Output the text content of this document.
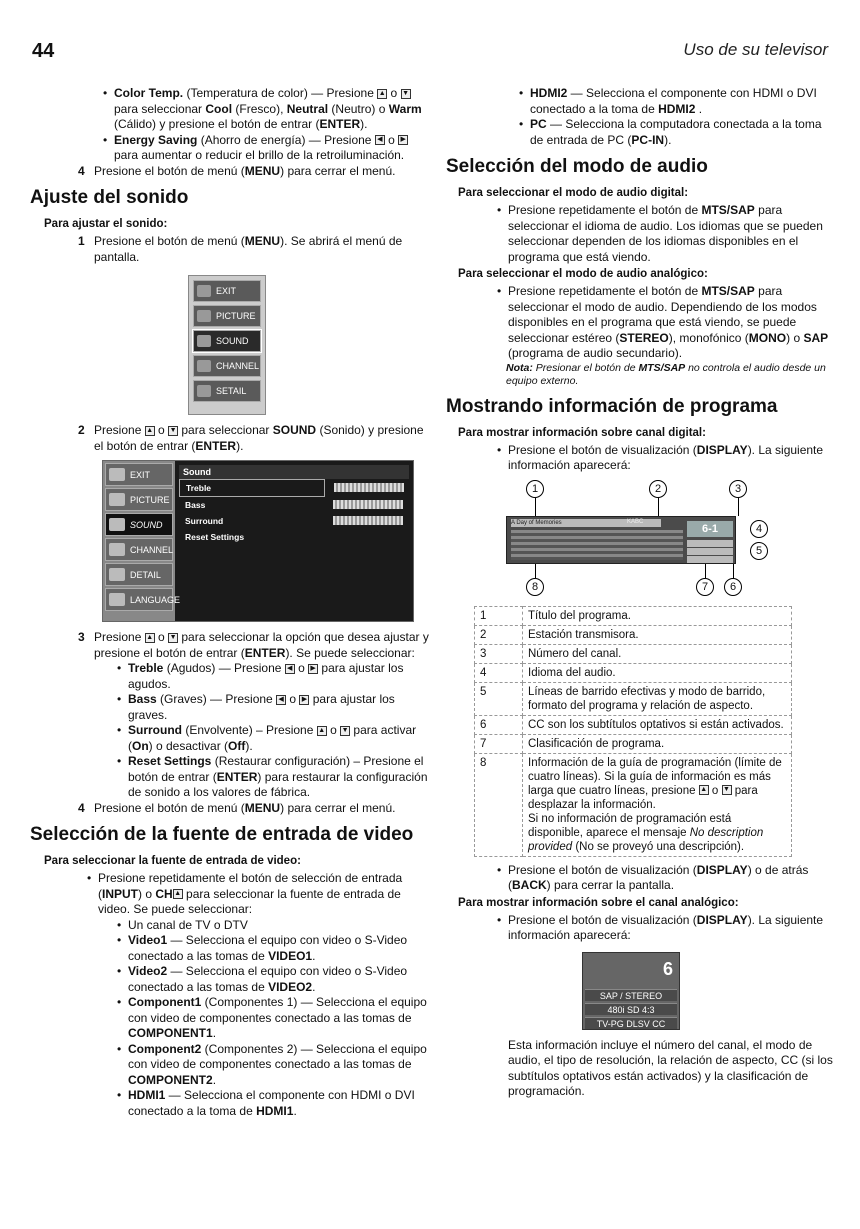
44	Uso de su televisor
• Color Temp. (Temperatura de color) — Presione ▲ o ▼ para seleccionar Cool (Fresco), Neutral (Neutro) o Warm (Cálido) y presione el botón de entrar (ENTER).
• Energy Saving (Ahorro de energía) — Presione ◀ o ▶ para aumentar o reducir el brillo de la retroiluminación.

4 Presione el botón de menú (MENU) para cerrar el menú.

Ajuste del sonido
Para ajustar el sonido:

1 Presione el botón de menú (MENU). Se abrirá el menú de pantalla.

EXIT
PICTURE
SOUND
CHANNEL
SETAIL

2 Presione ▲ o ▼ para seleccionar SOUND (Sonido) y presione el botón de entrar (ENTER).

EXIT
PICTURE
SOUND
CHANNEL
DETAIL
LANGUAGE
Sound
Treble
Bass
Surround
Reset Settings

3 Presione ▲ o ▼ para seleccionar la opción que desea ajustar y presione el botón de entrar (ENTER). Se puede seleccionar:

• Treble (Agudos) — Presione ◀ o ▶ para ajustar los agudos.
• Bass (Graves) — Presione ◀ o ▶ para ajustar los graves.
• Surround (Envolvente) – Presione ▲ o ▼ para activar (On) o desactivar (Off).
• Reset Settings (Restaurar configuración) – Presione el botón de entrar (ENTER) para restaurar la configuración de sonido a los valores de fábrica.

4 Presione el botón de menú (MENU) para cerrar el menú.

Selección de la fuente de entrada de video
Para seleccionar la fuente de entrada de video:
• Presione repetidamente el botón de selección de entrada (INPUT) o CH ▲ para seleccionar la fuente de entrada de video. Se puede seleccionar:
• Un canal de TV o DTV
• Video1 — Selecciona el equipo con video o S-Video conectado a las tomas de VIDEO1.
• Video2 — Selecciona el equipo con video o S-Video conectado a las tomas de VIDEO2.
• Component1 (Componentes 1) — Selecciona el equipo con video de componentes conectado a las tomas de COMPONENT1.
• Component2 (Componentes 2) — Selecciona el equipo con video de componentes conectado a las tomas de COMPONENT2.
• HDMI1 — Selecciona el componente con HDMI o DVI conectado a la toma de HDMI1.
• HDMI2 — Selecciona el componente con HDMI o DVI conectado a la toma de HDMI2 .
• PC — Selecciona la computadora conectada a la toma de entrada de PC (PC-IN).
Selección del modo de audio
Para seleccionar el modo de audio digital:
• Presione repetidamente el botón de MTS/SAP para seleccionar el idioma de audio. Los idiomas que se pueden seleccionar dependen de los idiomas disponibles en el programa que está viendo.
Para seleccionar el modo de audio analógico:
• Presione repetidamente el botón de MTS/SAP para seleccionar el modo de audio. Dependiendo de los modos disponibles en el programa que está viendo, se puede seleccionar estéreo (STEREO), monofónico (MONO) o SAP (programa de audio secundario).

Nota: Presionar el botón de MTS/SAP no controla el audio desde un equipo externo.

Mostrando información de programa
Para mostrar información sobre canal digital:
• Presione el botón de visualización (DISPLAY). La siguiente información aparecerá:
1	2	3
4
5
6
7
8
A Day of Memories	KABC
6-1
1	Título del programa.
2	Estación transmisora.
3	Número del canal.
4	Idioma del audio.
5	Líneas de barrido efectivas y modo de barrido, formato del programa y relación de aspecto.
6	CC son los subtítulos optativos si están activados.
7	Clasificación de programa.
8	Información de la guía de programación (límite de cuatro líneas). Si la guía de información es más larga que cuatro líneas, presione ▲ o ▼ para desplazar la información.
Si no información de programación está disponible, aparece el mensaje No description provided (No se proveyó una descripción).
• Presione el botón de visualización (DISPLAY) o de atrás (BACK) para cerrar la pantalla.
Para mostrar información sobre el canal analógico:
• Presione el botón de visualización (DISPLAY). La siguiente información aparecerá:
6
SAP / STEREO
480i SD 4:3
TV-PG DLSV CC

Esta información incluye el número del canal, el modo de audio, el tipo de resolución, la relación de aspecto, CC (si los subtítulos optativos están activados) y la clasificación de programación.
